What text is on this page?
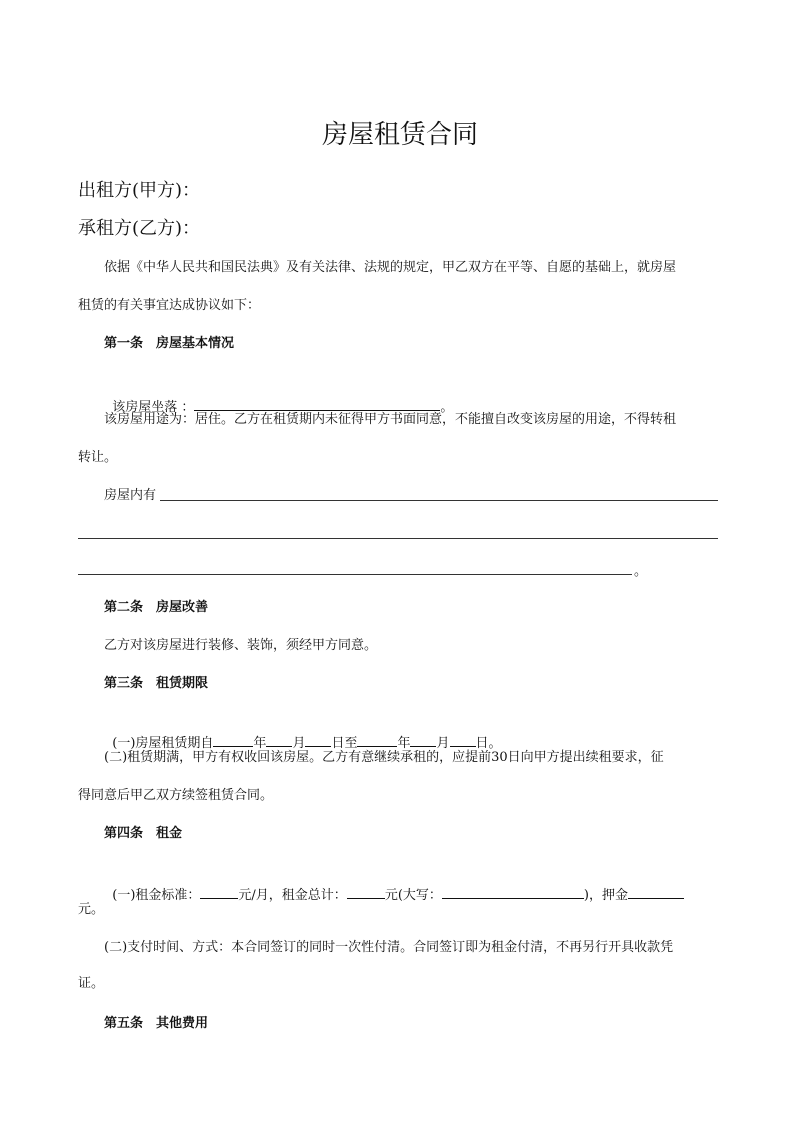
房屋租赁合同
出租方(甲方)：
承租方(乙方)：
依据《中华人民共和国民法典》及有关法律、法规的规定，甲乙双方在平等、自愿的基础上，就房屋
租赁的有关事宜达成协议如下：
第一条　房屋基本情况

该房屋坐落 ：	。

该房屋用途为：居住。乙方在租赁期内未征得甲方书面同意，不能擅自改变该房屋的用途，不得转租
转让。
房屋内有
。
第二条　房屋改善
乙方对该房屋进行装修、装饰，须经甲方同意。
第三条　租赁期限

(一)房屋租赁期自	年 月 日至	年 月 日。

(二)租赁期满，甲方有权收回该房屋。乙方有意继续承租的，应提前30日向甲方提出续租要求，征
得同意后甲乙双方续签租赁合同。
第四条　租金

(一)租金标准：	元/月，租金总计：	元(大写：	)，押金

元。
(二)支付时间、方式：本合同签订的同时一次性付清。合同签订即为租金付清，不再另行开具收款凭
证。
第五条　其他费用
